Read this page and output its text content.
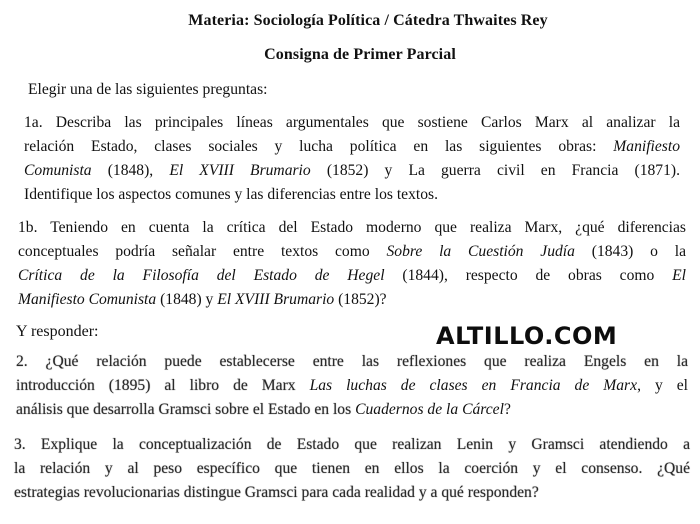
Materia: Sociología Política / Cátedra Thwaites Rey
Consigna de Primer Parcial
Elegir una de las siguientes preguntas:
1a. Describa las principales líneas argumentales que sostiene Carlos Marx al analizar la
relación Estado, clases sociales y lucha política en las siguientes obras: Manifiesto
Comunista (1848), El XVIII Brumario (1852) y La guerra civil en Francia (1871).
Identifique los aspectos comunes y las diferencias entre los textos.
1b. Teniendo en cuenta la crítica del Estado moderno que realiza Marx, ¿qué diferencias
conceptuales podría señalar entre textos como Sobre la Cuestión Judía (1843) o la
Crítica de la Filosofía del Estado de Hegel (1844), respecto de obras como El
Manifiesto Comunista (1848) y El XVIII Brumario (1852)?
Y responder:	ALTILLO.COM
2. ¿Qué relación puede establecerse entre las reflexiones que realiza Engels en la
introducción (1895) al libro de Marx Las luchas de clases en Francia de Marx, y el
análisis que desarrolla Gramsci sobre el Estado en los Cuadernos de la Cárcel?
3. Explique la conceptualización de Estado que realizan Lenin y Gramsci atendiendo a
la relación y al peso específico que tienen en ellos la coerción y el consenso. ¿Qué
estrategias revolucionarias distingue Gramsci para cada realidad y a qué responden?
